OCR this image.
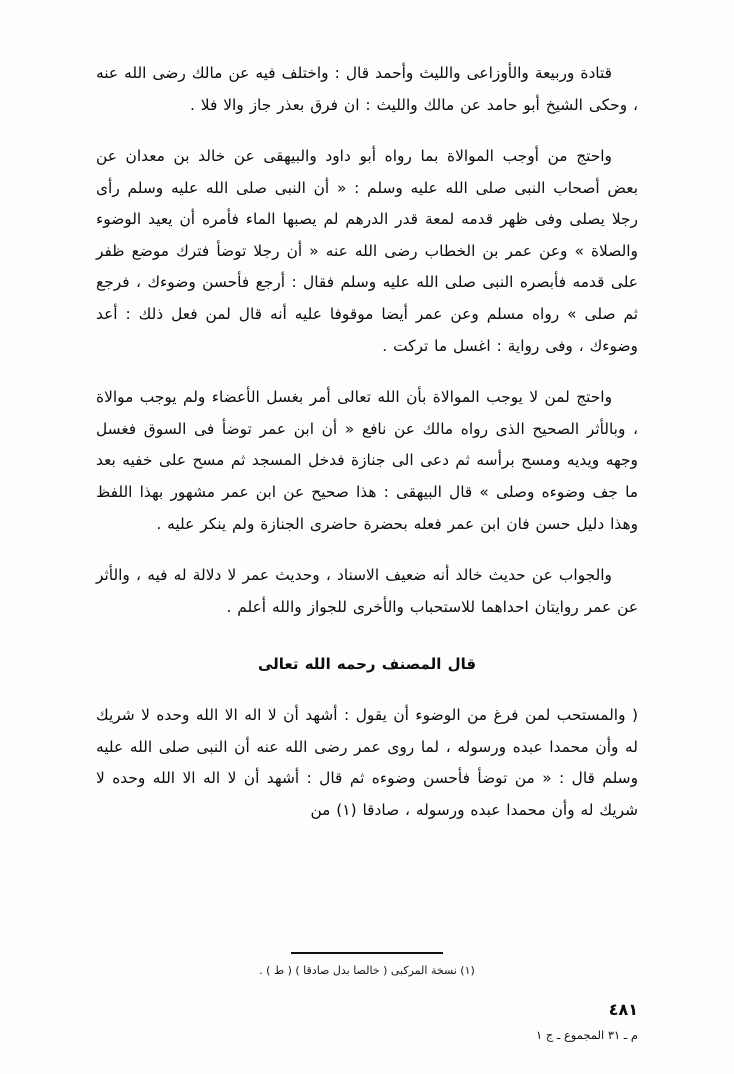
قتادة وربيعة والأوزاعى والليث وأحمد قال : واختلف فيه عن مالك رضى الله عنه ، وحكى الشيخ أبو حامد عن مالك والليث : ان فرق بعذر جاز والا فلا .

واحتج من أوجب الموالاة بما رواه أبو داود والبيهقى عن خالد بن معدان عن بعض أصحاب النبى صلى الله عليه وسلم : « أن النبى صلى الله عليه وسلم رأى رجلا يصلى وفى ظهر قدمه لمعة قدر الدرهم لم يصبها الماء فأمره أن يعيد الوضوء والصلاة » وعن عمر بن الخطاب رضى الله عنه « أن رجلا توضأ فترك موضع ظفر على قدمه فأبصره النبى صلى الله عليه وسلم فقال : أرجع فأحسن وضوءك ، فرجع ثم صلى » رواه مسلم وعن عمر أيضا موقوفا عليه أنه قال لمن فعل ذلك : أعد وضوءك ، وفى رواية : اغسل ما تركت .

واحتج لمن لا يوجب الموالاة بأن الله تعالى أمر بغسل الأعضاء ولم يوجب موالاة ، وبالأثر الصحيح الذى رواه مالك عن نافع « أن ابن عمر توضأ فى السوق فغسل وجهه ويديه ومسح برأسه ثم دعى الى جنازة فدخل المسجد ثم مسح على خفيه بعد ما جف وضوءه وصلى » قال البيهقى : هذا صحيح عن ابن عمر مشهور بهذا اللفظ وهذا دليل حسن فان ابن عمر فعله بحضرة حاضرى الجنازة ولم ينكر عليه .

والجواب عن حديث خالد أنه ضعيف الاسناد ، وحديث عمر لا دلالة له فيه ، والأثر عن عمر روايتان احداهما للاستحباب والأخرى للجواز والله أعلم .

قال المصنف رحمه الله تعالى

( والمستحب لمن فرغ من الوضوء أن يقول : أشهد أن لا اله الا الله وحده لا شريك له وأن محمدا عبده ورسوله ، لما روى عمر رضى الله عنه أن النبى صلى الله عليه وسلم قال : « من توضأ فأحسن وضوءه ثم قال : أشهد أن لا اله الا الله وحده لا شريك له وأن محمدا عبده ورسوله ، صادقا (١) من

(١) نسخة المركبى ( خالصا بدل صادقا ) ( ط ) .
٤٨١
م ـ ٣١ المجموع ـ ج ١
